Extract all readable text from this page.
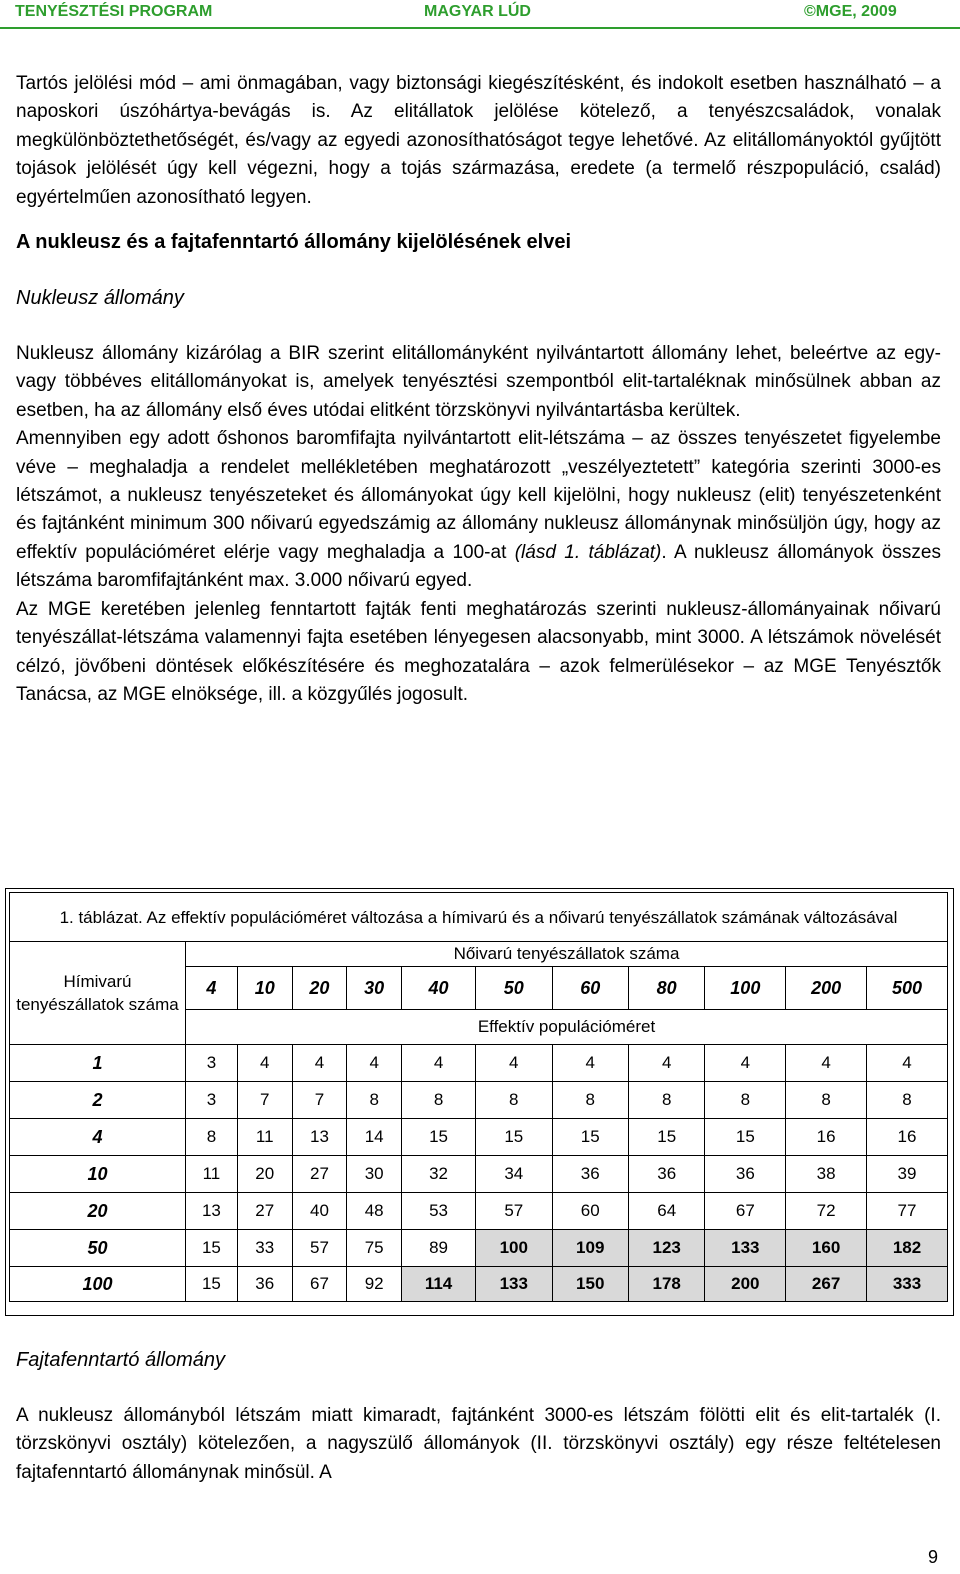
TENYÉSZTÉSI PROGRAM	MAGYAR LÚD	©MGE, 2009

Tartós jelölési mód – ami önmagában, vagy biztonsági kiegészítésként, és indokolt esetben használható – a naposkori úszóhártya-bevágás is. Az elitállatok jelölése kötelező, a tenyészcsaládok, vonalak megkülönböztethetőségét, és/vagy az egyedi azonosíthatóságot tegye lehetővé. Az elitállományoktól gyűjtött tojások jelölését úgy kell végezni, hogy a tojás származása, eredete (a termelő részpopuláció, család) egyértelműen azonosítható legyen.

A nukleusz és a fajtafenntartó állomány kijelölésének elvei

Nukleusz állomány

Nukleusz állomány kizárólag a BIR szerint elitállományként nyilvántartott állomány lehet, beleértve az egy- vagy többéves elitállományokat is, amelyek tenyésztési szempontból elit-tartaléknak minősülnek abban az esetben, ha az állomány első éves utódai elitként törzskönyvi nyilvántartásba kerültek.

Amennyiben egy adott őshonos baromfifajta nyilvántartott elit-létszáma – az összes tenyészetet figyelembe véve – meghaladja a rendelet mellékletében meghatározott „veszélyeztetett” kategória szerinti 3000-es létszámot, a nukleusz tenyészeteket és állományokat úgy kell kijelölni, hogy nukleusz (elit) tenyészetenként és fajtánként minimum 300 nőivarú egyedszámig az állomány nukleusz állománynak minősüljön úgy, hogy az effektív populációméret elérje vagy meghaladja a 100-at (lásd 1. táblázat). A nukleusz állományok összes létszáma baromfifajtánként max. 3.000 nőivarú egyed.

Az MGE keretében jelenleg fenntartott fajták fenti meghatározás szerinti nukleusz-állományainak nőivarú tenyészállat-létszáma valamennyi fajta esetében lényegesen alacsonyabb, mint 3000. A létszámok növelését célzó, jövőbeni döntések előkészítésére és meghozatalára – azok felmerülésekor – az MGE Tenyésztők Tanácsa, az MGE elnöksége, ill. a közgyűlés jogosult.

1. táblázat. Az effektív populációméret változása a hímivarú és a nőivarú tenyészállatok számának változásával											
Hímivarú tenyészállatok száma	Nőivarú tenyészállatok száma										
	4	10	20	30	40	50	60	80	100	200	500
	Effektív populációméret										
1	3	4	4	4	4	4	4	4	4	4	4
2	3	7	7	8	8	8	8	8	8	8	8
4	8	11	13	14	15	15	15	15	15	16	16
10	11	20	27	30	32	34	36	36	36	38	39
20	13	27	40	48	53	57	60	64	67	72	77
50	15	33	57	75	89	100	109	123	133	160	182
100	15	36	67	92	114	133	150	178	200	267	333

Fajtafenntartó állomány

A nukleusz állományból létszám miatt kimaradt, fajtánként 3000-es létszám fölötti elit és elit-tartalék (I. törzskönyvi osztály) kötelezően, a nagyszülő állományok (II. törzskönyvi osztály) egy része feltételesen fajtafenntartó állománynak minősül. A

9
